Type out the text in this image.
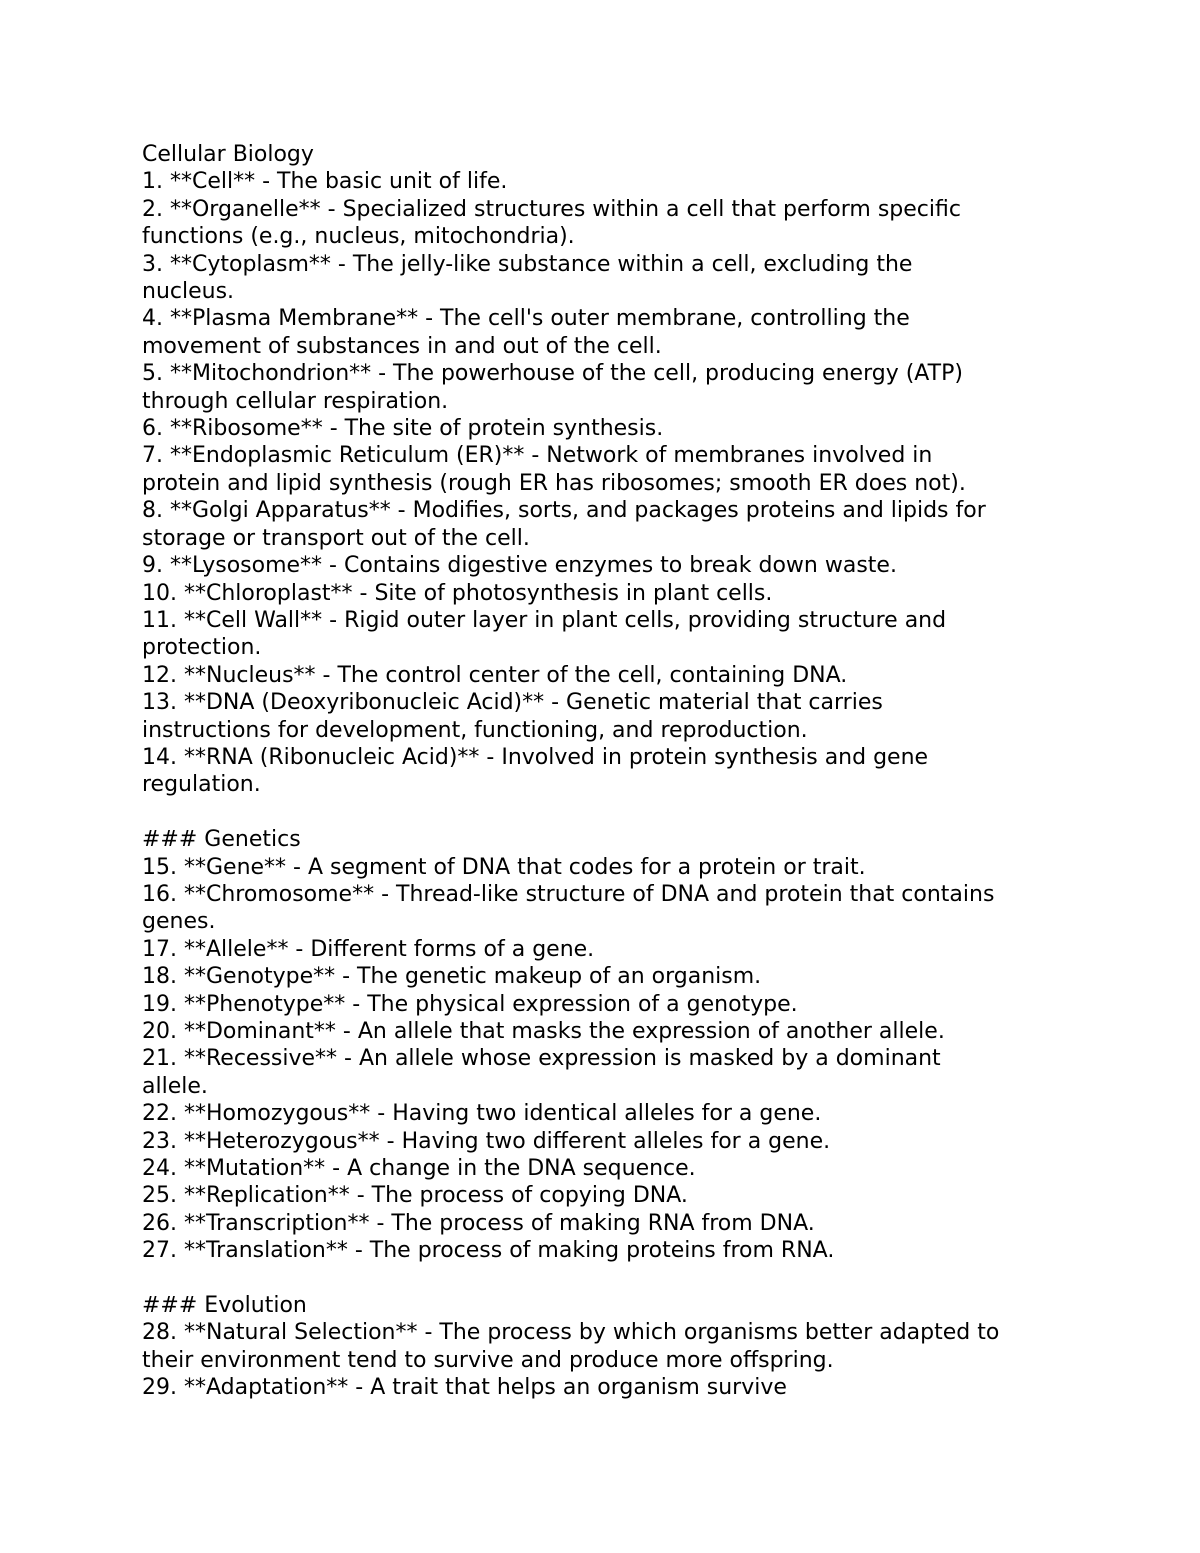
Cellular Biology
1. **Cell** - The basic unit of life.
2. **Organelle** - Specialized structures within a cell that perform specific
functions (e.g., nucleus, mitochondria).
3. **Cytoplasm** - The jelly-like substance within a cell, excluding the
nucleus.
4. **Plasma Membrane** - The cell's outer membrane, controlling the
movement of substances in and out of the cell.
5. **Mitochondrion** - The powerhouse of the cell, producing energy (ATP)
through cellular respiration.
6. **Ribosome** - The site of protein synthesis.
7. **Endoplasmic Reticulum (ER)** - Network of membranes involved in
protein and lipid synthesis (rough ER has ribosomes; smooth ER does not).
8. **Golgi Apparatus** - Modifies, sorts, and packages proteins and lipids for
storage or transport out of the cell.
9. **Lysosome** - Contains digestive enzymes to break down waste.
10. **Chloroplast** - Site of photosynthesis in plant cells.
11. **Cell Wall** - Rigid outer layer in plant cells, providing structure and
protection.
12. **Nucleus** - The control center of the cell, containing DNA.
13. **DNA (Deoxyribonucleic Acid)** - Genetic material that carries
instructions for development, functioning, and reproduction.
14. **RNA (Ribonucleic Acid)** - Involved in protein synthesis and gene
regulation.
### Genetics
15. **Gene** - A segment of DNA that codes for a protein or trait.
16. **Chromosome** - Thread-like structure of DNA and protein that contains
genes.
17. **Allele** - Different forms of a gene.
18. **Genotype** - The genetic makeup of an organism.
19. **Phenotype** - The physical expression of a genotype.
20. **Dominant** - An allele that masks the expression of another allele.
21. **Recessive** - An allele whose expression is masked by a dominant
allele.
22. **Homozygous** - Having two identical alleles for a gene.
23. **Heterozygous** - Having two different alleles for a gene.
24. **Mutation** - A change in the DNA sequence.
25. **Replication** - The process of copying DNA.
26. **Transcription** - The process of making RNA from DNA.
27. **Translation** - The process of making proteins from RNA.
### Evolution
28. **Natural Selection** - The process by which organisms better adapted to
their environment tend to survive and produce more offspring.
29. **Adaptation** - A trait that helps an organism survive
